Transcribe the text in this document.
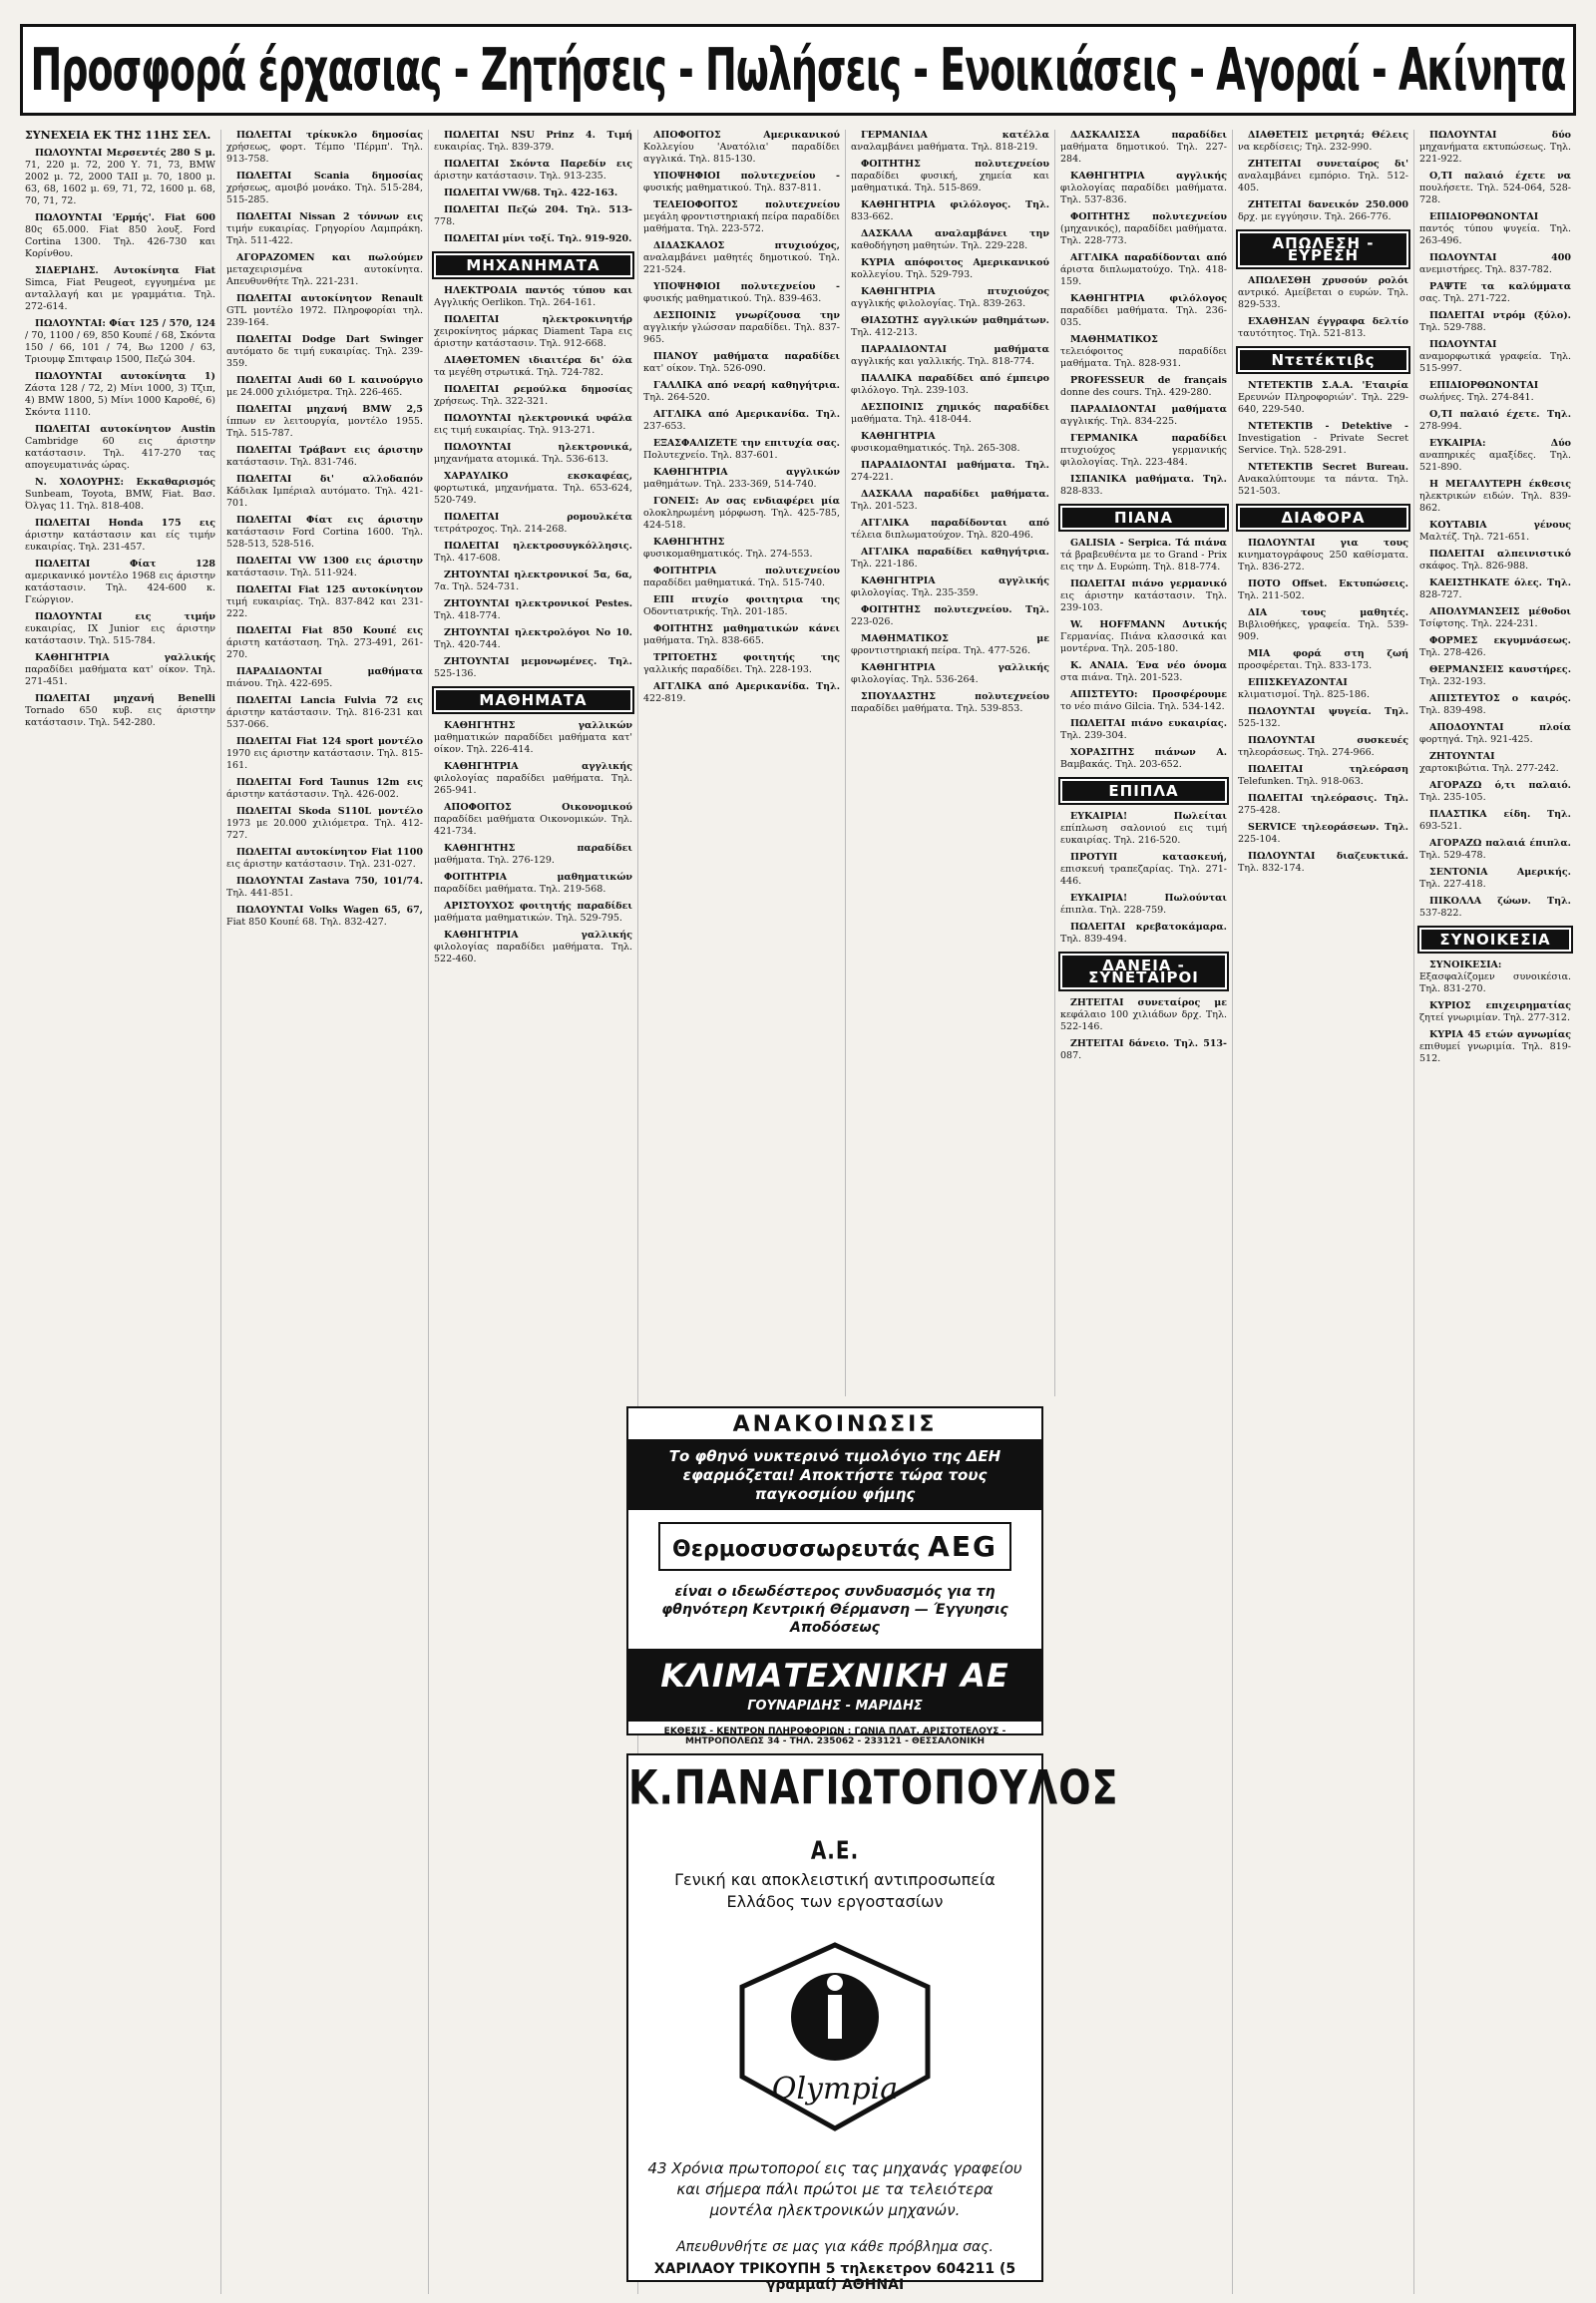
Προσφορά έρχασιας - Ζητήσεις - Πωλήσεις - Ενοικιάσεις - Αγοραί - Ακίνητα

ΣΥΝΕΧΕΙΑ ΕΚ ΤΗΣ 11ΗΣ ΣΕΛ.

ΠΩΛΟΥΝΤΑΙ Μερσεντές 280 S μ. 71, 220 μ. 72, 200 Υ. 71, 73, BMW 2002 μ. 72, 2000 ΤΑΙΙ μ. 70, 1800 μ. 63, 68, 1602 μ. 69, 71, 72, 1600 μ. 68, 70, 71, 72.

ΠΩΛΟΥΝΤΑΙ 'Ερμής'. Fiat 600 80ς 65.000. Fiat 850 λουξ. Ford Cortina 1300. Τηλ. 426-730 και Κορίνθου.

ΣΙΔΕΡΙΔΗΣ. Αυτοκίνητα Fiat Simca, Fiat Peugeot, εγγυημένα με ανταλλαγή και με γραμμάτια. Τηλ. 272-614.

ΠΩΛΟΥΝΤΑΙ: Φίατ 125 / 570, 124 / 70, 1100 / 69, 850 Κουπέ / 68, Σκόντα 150 / 66, 101 / 74, Βω 1200 / 63, Τριουμφ Σπιτφαιρ 1500, Πεζώ 304.

ΠΩΛΟΥΝΤΑΙ αυτοκίνητα 1) Ζάστα 128 / 72, 2) Μίνι 1000, 3) Τζιπ, 4) BMW 1800, 5) Μίνι 1000 Καροθέ, 6) Σκόντα 1110.

ΠΩΛΕΙΤΑΙ αυτοκίνητον Austin Cambridge 60 εις άριστην κατάστασιν. Τηλ. 417-270 τας απογευματινάς ώρας.

Ν. ΧΟΛΟΥΡΗΣ: Εκκαθαρισμός Sunbeam, Toyota, BMW, Fiat. Βασ. Όλγας 11. Τηλ. 818-408.

ΠΩΛΕΙΤΑΙ Honda 175 εις άριστην κατάστασιν και είς τιμήν ευκαιρίας. Τηλ. 231-457.

ΠΩΛΕΙΤΑΙ Φίατ 128 αμερικανικό μοντέλο 1968 εις άριστην κατάστασιν. Τηλ. 424-600 κ. Γεώργιον.

ΠΩΛΟΥΝΤΑΙ εις τιμήν ευκαιρίας, ΙΧ Junior εις άριστην κατάστασιν. Τηλ. 515-784.

ΚΑΘΗΓΗΤΡΙΑ γαλλικής παραδίδει μαθήματα κατ' οίκον. Τηλ. 271-451.

ΠΩΛΕΙΤΑΙ μηχανή Benelli Tornado 650 κυβ. εις άριστην κατάστασιν. Τηλ. 542-280.

ΠΩΛΕΙΤΑΙ τρίκυκλο δημοσίας χρήσεως, φορτ. Τέμπο 'Πέρμπ'. Τηλ. 913-758.

ΠΩΛΕΙΤΑΙ Scania δημοσίας χρήσεως, αμοιβό μονάκο. Τηλ. 515-284, 515-285.

ΠΩΛΕΙΤΑΙ Nissan 2 τόννων εις τιμήν ευκαιρίας. Γρηγορίου Λαμπράκη. Τηλ. 511-422.

ΑΓΟΡΑΖΟΜΕΝ και πωλούμεν μεταχειρισμένα αυτοκίνητα. Απευθυνθήτε Τηλ. 221-231.

ΠΩΛΕΙΤΑΙ αυτοκίνητον Renault GTL μοντέλο 1972. Πληροφορίαι τηλ. 239-164.

ΠΩΛΕΙΤΑΙ Dodge Dart Swinger αυτόματο δε τιμή ευκαιρίας. Τηλ. 239-359.

ΠΩΛΕΙΤΑΙ Audi 60 L καινούργιο με 24.000 χιλιόμετρα. Τηλ. 226-465.

ΠΩΛΕΙΤΑΙ μηχανή BMW 2,5 ίππων εν λειτουργία, μοντέλο 1955. Τηλ. 515-787.

ΠΩΛΕΙΤΑΙ Τράβαντ εις άριστην κατάστασιν. Τηλ. 831-746.

ΠΩΛΕΙΤΑΙ δι' αλλοδαπόν Κάδιλακ Ιμπέριαλ αυτόματο. Τηλ. 421-701.

ΠΩΛΕΙΤΑΙ Φίατ εις άριστην κατάστασιν Ford Cortina 1600. Τηλ. 528-513, 528-516.

ΠΩΛΕΙΤΑΙ VW 1300 εις άριστην κατάστασιν. Τηλ. 511-924.

ΠΩΛΕΙΤΑΙ Fiat 125 αυτοκίνητον τιμή ευκαιρίας. Τηλ. 837-842 και 231-222.

ΠΩΛΕΙΤΑΙ Fiat 850 Κουπέ εις άριστη κατάσταση. Τηλ. 273-491, 261-270.

ΠΑΡΑΔΙΔΟΝΤΑΙ μαθήματα πιάνου. Τηλ. 422-695.

ΠΩΛΕΙΤΑΙ Lancia Fulvia 72 εις άριστην κατάστασιν. Τηλ. 816-231 και 537-066.

ΠΩΛΕΙΤΑΙ Fiat 124 sport μοντέλο 1970 εις άριστην κατάστασιν. Τηλ. 815-161.

ΠΩΛΕΙΤΑΙ Ford Taunus 12m εις άριστην κατάστασιν. Τηλ. 426-002.

ΠΩΛΕΙΤΑΙ Skoda S110L μοντέλο 1973 με 20.000 χιλιόμετρα. Τηλ. 412-727.

ΠΩΛΕΙΤΑΙ αυτοκίνητον Fiat 1100 εις άριστην κατάστασιν. Τηλ. 231-027.

ΠΩΛΟΥΝΤΑΙ Zastava 750, 101/74. Τηλ. 441-851.

ΠΩΛΟΥΝΤΑΙ Volks Wagen 65, 67, Fiat 850 Κουπέ 68. Τηλ. 832-427.

ΠΩΛΕΙΤΑΙ NSU Prinz 4. Τιμή ευκαιρίας. Τηλ. 839-379.

ΠΩΛΕΙΤΑΙ Σκόντα Παρεδίν εις άριστην κατάστασιν. Τηλ. 913-235.

ΠΩΛΕΙΤΑΙ VW/68. Τηλ. 422-163.

ΠΩΛΕΙΤΑΙ Πεζώ 204. Τηλ. 513-778.

ΠΩΛΕΙΤΑΙ μίνι τοξί. Τηλ. 919-920.

ΜΗΧΑΝΗΜΑΤΑ

ΗΛΕΚΤΡΟΔΙΑ παντός τύπου και Αγγλικής Oerlikon. Τηλ. 264-161.

ΠΩΛΕΙΤΑΙ ηλεκτροκινητήρ χειροκίνητος μάρκας Diament Tapa εις άριστην κατάστασιν. Τηλ. 912-668.

ΔΙΑΘΕΤΟΜΕΝ ιδιαιτέρα δι' όλα τα μεγέθη στρωτικά. Τηλ. 724-782.

ΠΩΛΕΙΤΑΙ ρεμούλκα δημοσίας χρήσεως. Τηλ. 322-321.

ΠΩΛΟΥΝΤΑΙ ηλεκτρονικά υφάλα εις τιμή ευκαιρίας. Τηλ. 913-271.

ΠΩΛΟΥΝΤΑΙ ηλεκτρονικά, μηχανήματα ατομικά. Τηλ. 536-613.

ΧΑΡΑΥΛΙΚΟ εκσκαφέας, φορτωτικά, μηχανήματα. Τηλ. 653-624, 520-749.

ΠΩΛΕΙΤΑΙ ρομουλκέτα τετράτροχος. Τηλ. 214-268.

ΠΩΛΕΙΤΑΙ ηλεκτροσυγκόλλησις. Τηλ. 417-608.

ΖΗΤΟΥΝΤΑΙ ηλεκτρονικοί 5α, 6α, 7α. Τηλ. 524-731.

ΖΗΤΟΥΝΤΑΙ ηλεκτρονικοί Pestes. Τηλ. 418-774.

ΖΗΤΟΥΝΤΑΙ ηλεκτρολόγοι No 10. Τηλ. 420-744.

ΖΗΤΟΥΝΤΑΙ μεμονωμένες. Τηλ. 525-136.

ΜΑΘΗΜΑΤΑ

ΚΑΘΗΓΗΤΗΣ γαλλικών μαθηματικών παραδίδει μαθήματα κατ' οίκον. Τηλ. 226-414.

ΚΑΘΗΓΗΤΡΙΑ αγγλικής φιλολογίας παραδίδει μαθήματα. Τηλ. 265-941.

ΑΠΟΦΟΙΤΟΣ Οικονομικού παραδίδει μαθήματα Οικονομικών. Τηλ. 421-734.

ΚΑΘΗΓΗΤΗΣ παραδίδει μαθήματα. Τηλ. 276-129.

ΦΟΙΤΗΤΡΙΑ μαθηματικών παραδίδει μαθήματα. Τηλ. 219-568.

ΑΡΙΣΤΟΥΧΟΣ φοιτητής παραδίδει μαθήματα μαθηματικών. Τηλ. 529-795.

ΚΑΘΗΓΗΤΡΙΑ γαλλικής φιλολογίας παραδίδει μαθήματα. Τηλ. 522-460.

ΑΠΟΦΟΙΤΟΣ Αμερικανικού Κολλεγίου 'Ανατόλια' παραδίδει αγγλικά. Τηλ. 815-130.

ΥΠΟΨΗΦΙΟΙ πολυτεχνείου - φυσικής μαθηματικού. Τηλ. 837-811.

ΤΕΛΕΙΟΦΟΙΤΟΣ πολυτεχνείου μεγάλη φροντιστηριακή πείρα παραδίδει μαθήματα. Τηλ. 223-572.

ΔΙΔΑΣΚΑΛΟΣ πτυχιούχος, αναλαμβάνει μαθητές δημοτικού. Τηλ. 221-524.

ΥΠΟΨΗΦΙΟΙ πολυτεχνείου - φυσικής μαθηματικού. Τηλ. 839-463.

ΔΕΣΠΟΙΝΙΣ γνωρίζουσα την αγγλικήν γλώσσαν παραδίδει. Τηλ. 837-965.

ΠΙΑΝΟΥ μαθήματα παραδίδει κατ' οίκον. Τηλ. 526-090.

ΓΑΛΛΙΚΑ από νεαρή καθηγήτρια. Τηλ. 264-520.

ΑΓΓΛΙΚΑ από Αμερικανίδα. Τηλ. 237-653.

ΕΞΑΣΦΑΛΙΖΕΤΕ την επιτυχία σας. Πολυτεχνείο. Τηλ. 837-601.

ΚΑΘΗΓΗΤΡΙΑ αγγλικών μαθημάτων. Τηλ. 233-369, 514-740.

ΓΟΝΕΙΣ: Αν σας ενδιαφέρει μία ολοκληρωμένη μόρφωση. Τηλ. 425-785, 424-518.

ΚΑΘΗΓΗΤΗΣ φυσικομαθηματικός. Τηλ. 274-553.

ΦΟΙΤΗΤΡΙΑ πολυτεχνείου παραδίδει μαθηματικά. Τηλ. 515-740.

ΕΠΙ πτυχίο φοιτητρια της Οδοντιατρικής. Τηλ. 201-185.

ΦΟΙΤΗΤΗΣ μαθηματικών κάνει μαθήματα. Τηλ. 838-665.

ΤΡΙΤΟΕΤΗΣ φοιτητής της γαλλικής παραδίδει. Τηλ. 228-193.

ΑΓΓΛΙΚΑ από Αμερικανίδα. Τηλ. 422-819.

ΓΕΡΜΑΝΙΔΑ κατέλλα αναλαμβάνει μαθήματα. Τηλ. 818-219.

ΦΟΙΤΗΤΗΣ πολυτεχνείου παραδίδει φυσική, χημεία και μαθηματικά. Τηλ. 515-869.

ΚΑΘΗΓΗΤΡΙΑ φιλόλογος. Τηλ. 833-662.

ΔΑΣΚΑΛΑ αναλαμβάνει την καθοδήγηση μαθητών. Τηλ. 229-228.

ΚΥΡΙΑ απόφοιτος Αμερικανικού κολλεγίου. Τηλ. 529-793.

ΚΑΘΗΓΗΤΡΙΑ πτυχιούχος αγγλικής φιλολογίας. Τηλ. 839-263.

ΘΙΑΣΩΤΗΣ αγγλικών μαθημάτων. Τηλ. 412-213.

ΠΑΡΑΔΙΔΟΝΤΑΙ μαθήματα αγγλικής και γαλλικής. Τηλ. 818-774.

ΠΑΛΛΙΚΑ παραδίδει από έμπειρο φιλόλογο. Τηλ. 239-103.

ΔΕΣΠΟΙΝΙΣ χημικός παραδίδει μαθήματα. Τηλ. 418-044.

ΚΑΘΗΓΗΤΡΙΑ φυσικομαθηματικός. Τηλ. 265-308.

ΠΑΡΑΔΙΔΟΝΤΑΙ μαθήματα. Τηλ. 274-221.

ΔΑΣΚΑΛΑ παραδίδει μαθήματα. Τηλ. 201-523.

ΑΓΓΛΙΚΑ παραδίδονται από τέλεια διπλωματούχον. Τηλ. 820-496.

ΑΓΓΛΙΚΑ παραδίδει καθηγήτρια. Τηλ. 221-186.

ΚΑΘΗΓΗΤΡΙΑ αγγλικής φιλολογίας. Τηλ. 235-359.

ΦΟΙΤΗΤΗΣ πολυτεχνείου. Τηλ. 223-026.

ΜΑΘΗΜΑΤΙΚΟΣ με φροντιστηριακή πείρα. Τηλ. 477-526.

ΚΑΘΗΓΗΤΡΙΑ γαλλικής φιλολογίας. Τηλ. 536-264.

ΣΠΟΥΔΑΣΤΗΣ πολυτεχνείου παραδίδει μαθήματα. Τηλ. 539-853.

ΔΑΣΚΑΛΙΣΣΑ παραδίδει μαθήματα δημοτικού. Τηλ. 227-284.

ΚΑΘΗΓΗΤΡΙΑ αγγλικής φιλολογίας παραδίδει μαθήματα. Τηλ. 537-836.

ΦΟΙΤΗΤΗΣ πολυτεχνείου (μηχανικός), παραδίδει μαθήματα. Τηλ. 228-773.

ΑΓΓΛΙΚΑ παραδίδονται από άριστα διπλωματούχο. Τηλ. 418-159.

ΚΑΘΗΓΗΤΡΙΑ φιλόλογος παραδίδει μαθήματα. Τηλ. 236-035.

ΜΑΘΗΜΑΤΙΚΟΣ τελειόφοιτος παραδίδει μαθήματα. Τηλ. 828-931.

PROFESSEUR de français donne des cours. Τηλ. 429-280.

ΠΑΡΑΔΙΔΟΝΤΑΙ μαθήματα αγγλικής. Τηλ. 834-225.

ΓΕΡΜΑΝΙΚΑ παραδίδει πτυχιούχος γερμανικής φιλολογίας. Τηλ. 223-484.

ΙΣΠΑΝΙΚΑ μαθήματα. Τηλ. 828-833.

ΠΙΑΝΑ

GALISIA - Serpica. Τά πιάνα τά βραβευθέντα με το Grand - Prix εις την Δ. Ευρώπη. Τηλ. 818-774.

ΠΩΛΕΙΤΑΙ πιάνο γερμανικό εις άριστην κατάστασιν. Τηλ. 239-103.

W. HOFFMANN Δυτικής Γερμανίας. Πιάνα κλασσικά και μοντέρνα. Τηλ. 205-180.

Κ. ΑΝΑΙΑ. Ένα νέο όνομα στα πιάνα. Τηλ. 201-523.

ΑΠΙΣΤΕΥΤΟ: Προσφέρουμε το νέο πιάνο Gilcia. Τηλ. 534-142.

ΠΩΛΕΙΤΑΙ πιάνο ευκαιρίας. Τηλ. 239-304.

ΧΟΡΑΣΙΤΗΣ πιάνων Α. Βαμβακάς. Τηλ. 203-652.

ΕΠΙΠΛΑ

ΕΥΚΑΙΡΙΑ! Πωλείται επίπλωση σαλονιού εις τιμή ευκαιρίας. Τηλ. 216-520.

ΠΡΟΤΥΠ κατασκευή, επισκευή τραπεζαρίας. Τηλ. 271-446.

ΕΥΚΑΙΡΙΑ! Πωλούνται έπιπλα. Τηλ. 228-759.

ΠΩΛΕΙΤΑΙ κρεβατοκάμαρα. Τηλ. 839-494.

ΔΑΝΕΙΑ - ΣΥΝΕΤΑΙΡΟΙ

ΖΗΤΕΙΤΑΙ συνεταίρος με κεφάλαιο 100 χιλιάδων δρχ. Τηλ. 522-146.

ΖΗΤΕΙΤΑΙ δάνειο. Τηλ. 513-087.

ΔΙΑΘΕΤΕΙΣ μετρητά; Θέλεις να κερδίσεις; Τηλ. 232-990.

ΖΗΤΕΙΤΑΙ συνεταίρος δι' αναλαμβάνει εμπόριο. Τηλ. 512-405.

ΖΗΤΕΙΤΑΙ δανεικόν 250.000 δρχ. με εγγύησιν. Τηλ. 266-776.

ΑΠΩΛΕΣΗ - ΕΥΡΕΣΗ

ΑΠΩΛΕΣΘΗ χρυσούν ρολόι αντρικό. Αμείβεται ο ευρών. Τηλ. 829-533.

ΕΧΑΘΗΣΑΝ έγγραφα δελτίο ταυτότητος. Τηλ. 521-813.

Ντετέκτιβς

ΝΤΕΤΕΚΤΙΒ Σ.Α.Α. 'Εταιρία Ερευνών Πληροφοριών'. Τηλ. 229-640, 229-540.

ΝΤΕΤΕΚΤΙΒ - Detektive - Investigation - Private Secret Service. Τηλ. 528-291.

ΝΤΕΤΕΚΤΙΒ Secret Bureau. Ανακαλύπτουμε τα πάντα. Τηλ. 521-503.

ΔΙΑΦΟΡΑ

ΠΩΛΟΥΝΤΑΙ για τους κινηματογράφους 250 καθίσματα. Τηλ. 836-272.

ΠΟΤΟ Offset. Εκτυπώσεις. Τηλ. 211-502.

ΔΙΑ τους μαθητές. Βιβλιοθήκες, γραφεία. Τηλ. 539-909.

ΜΙΑ φορά στη ζωή προσφέρεται. Τηλ. 833-173.

ΕΠΙΣΚΕΥΑΖΟΝΤΑΙ κλιματισμοί. Τηλ. 825-186.

ΠΩΛΟΥΝΤΑΙ ψυγεία. Τηλ. 525-132.

ΠΩΛΟΥΝΤΑΙ συσκευές τηλεοράσεως. Τηλ. 274-966.

ΠΩΛΕΙΤΑΙ τηλεόραση Telefunken. Τηλ. 918-063.

ΠΩΛΕΙΤΑΙ τηλεόρασις. Τηλ. 275-428.

SERVICE τηλεοράσεων. Τηλ. 225-104.

ΠΩΛΟΥΝΤΑΙ διαζευκτικά. Τηλ. 832-174.

ΠΩΛΟΥΝΤΑΙ δύο μηχανήματα εκτυπώσεως. Τηλ. 221-922.

Ο,ΤΙ παλαιό έχετε να πουλήσετε. Τηλ. 524-064, 528-728.

ΕΠΙΔΙΟΡΘΩΝΟΝΤΑΙ παντός τύπου ψυγεία. Τηλ. 263-496.

ΠΩΛΟΥΝΤΑΙ 400 ανεμιστήρες. Τηλ. 837-782.

ΡΑΨΤΕ τα καλύμματα σας. Τηλ. 271-722.

ΠΩΛΕΙΤΑΙ ντρόμ (ξύλο). Τηλ. 529-788.

ΠΩΛΟΥΝΤΑΙ αναμορφωτικά γραφεία. Τηλ. 515-997.

ΕΠΙΔΙΟΡΘΩΝΟΝΤΑΙ σωλήνες. Τηλ. 274-841.

Ο,ΤΙ παλαιό έχετε. Τηλ. 278-994.

ΕΥΚΑΙΡΙΑ: Δύο αναπηρικές αμαξίδες. Τηλ. 521-890.

Η ΜΕΓΑΛΥΤΕΡΗ έκθεσις ηλεκτρικών ειδών. Τηλ. 839-862.

ΚΟΥΤΑΒΙΑ γένους Μαλτέζ. Τηλ. 721-651.

ΠΩΛΕΙΤΑΙ αλπεινιστικό σκάφος. Τηλ. 826-988.

ΚΑΕΙΣΤΗΚΑΤΕ όλες. Τηλ. 828-727.

ΑΠΟΛΥΜΑΝΣΕΙΣ μέθοδοι Τσίφτσης. Τηλ. 224-231.

ΦΟΡΜΕΣ εκγυμνάσεως. Τηλ. 278-426.

ΘΕΡΜΑΝΣΕΙΣ καυστήρες. Τηλ. 232-193.

ΑΠΙΣΤΕΥΤΟΣ ο καιρός. Τηλ. 839-498.

ΑΠΟΔΟΥΝΤΑΙ πλοία φορτηγά. Τηλ. 921-425.

ΖΗΤΟΥΝΤΑΙ χαρτοκιβώτια. Τηλ. 277-242.

ΑΓΟΡΑΖΩ ό,τι παλαιό. Τηλ. 235-105.

ΠΛΑΣΤΙΚΑ είδη. Τηλ. 693-521.

ΑΓΟΡΑΖΩ παλαιά έπιπλα. Τηλ. 529-478.

ΣΕΝΤΟΝΙΑ Αμερικής. Τηλ. 227-418.

ΠΙΚΟΛΛΑ ζώων. Τηλ. 537-822.

ΣΥΝΟΙΚΕΣΙΑ

ΣΥΝΟΙΚΕΣΙΑ: Εξασφαλίζομεν συνοικέσια. Τηλ. 831-270.

ΚΥΡΙΟΣ επιχειρηματίας ζητεί γνωριμίαν. Τηλ. 277-312.

ΚΥΡΙΑ 45 ετών αγνωμίας επιθυμεί γνωριμία. Τηλ. 819-512.

ΑΝΑΚΟΙΝΩΣΙΣ
Το φθηνό νυκτερινό τιμολόγιο της ΔΕΗ εφαρμόζεται! Αποκτήστε τώρα τους παγκοσμίου φήμης
Θερμοσυσσωρευτάς AEG
είναι ο ιδεωδέστερος συνδυασμός για τη φθηνότερη Κεντρική Θέρμανση — Έγγυησις Αποδόσεως
ΚΛΙΜΑΤΕΧΝΙΚΗ ΑΕ ΓΟΥΝΑΡΙΔΗΣ - ΜΑΡΙΔΗΣ
ΕΚΘΕΣΙΣ - ΚΕΝΤΡΟΝ ΠΛΗΡΟΦΟΡΙΩΝ : ΓΩΝΙΑ ΠΛΑΤ. ΑΡΙΣΤΟΤΕΛΟΥΣ - ΜΗΤΡΟΠΟΛΕΩΣ 34 - ΤΗΛ. 235062 - 233121 - ΘΕΣΣΑΛΟΝΙΚΗ
Κ.ΠΑΝΑΓΙΩΤΟΠΟΥΛΟΣ Α.Ε.
Γενική και αποκλειστική αντιπροσωπεία Ελλάδος των εργοστασίων
Olympia
43 Χρόνια πρωτοποροί εις τας μηχανάς γραφείου και σήμερα πάλι πρώτοι με τα τελειότερα μοντέλα ηλεκτρονικών μηχανών.
Απευθυνθήτε σε μας για κάθε πρόβλημα σας.
ΧΑΡΙΛΑΟΥ ΤΡΙΚΟΥΠΗ 5 τηλεκετρον 604211 (5 γραμμαί) ΑΘΗΝΑΙ
